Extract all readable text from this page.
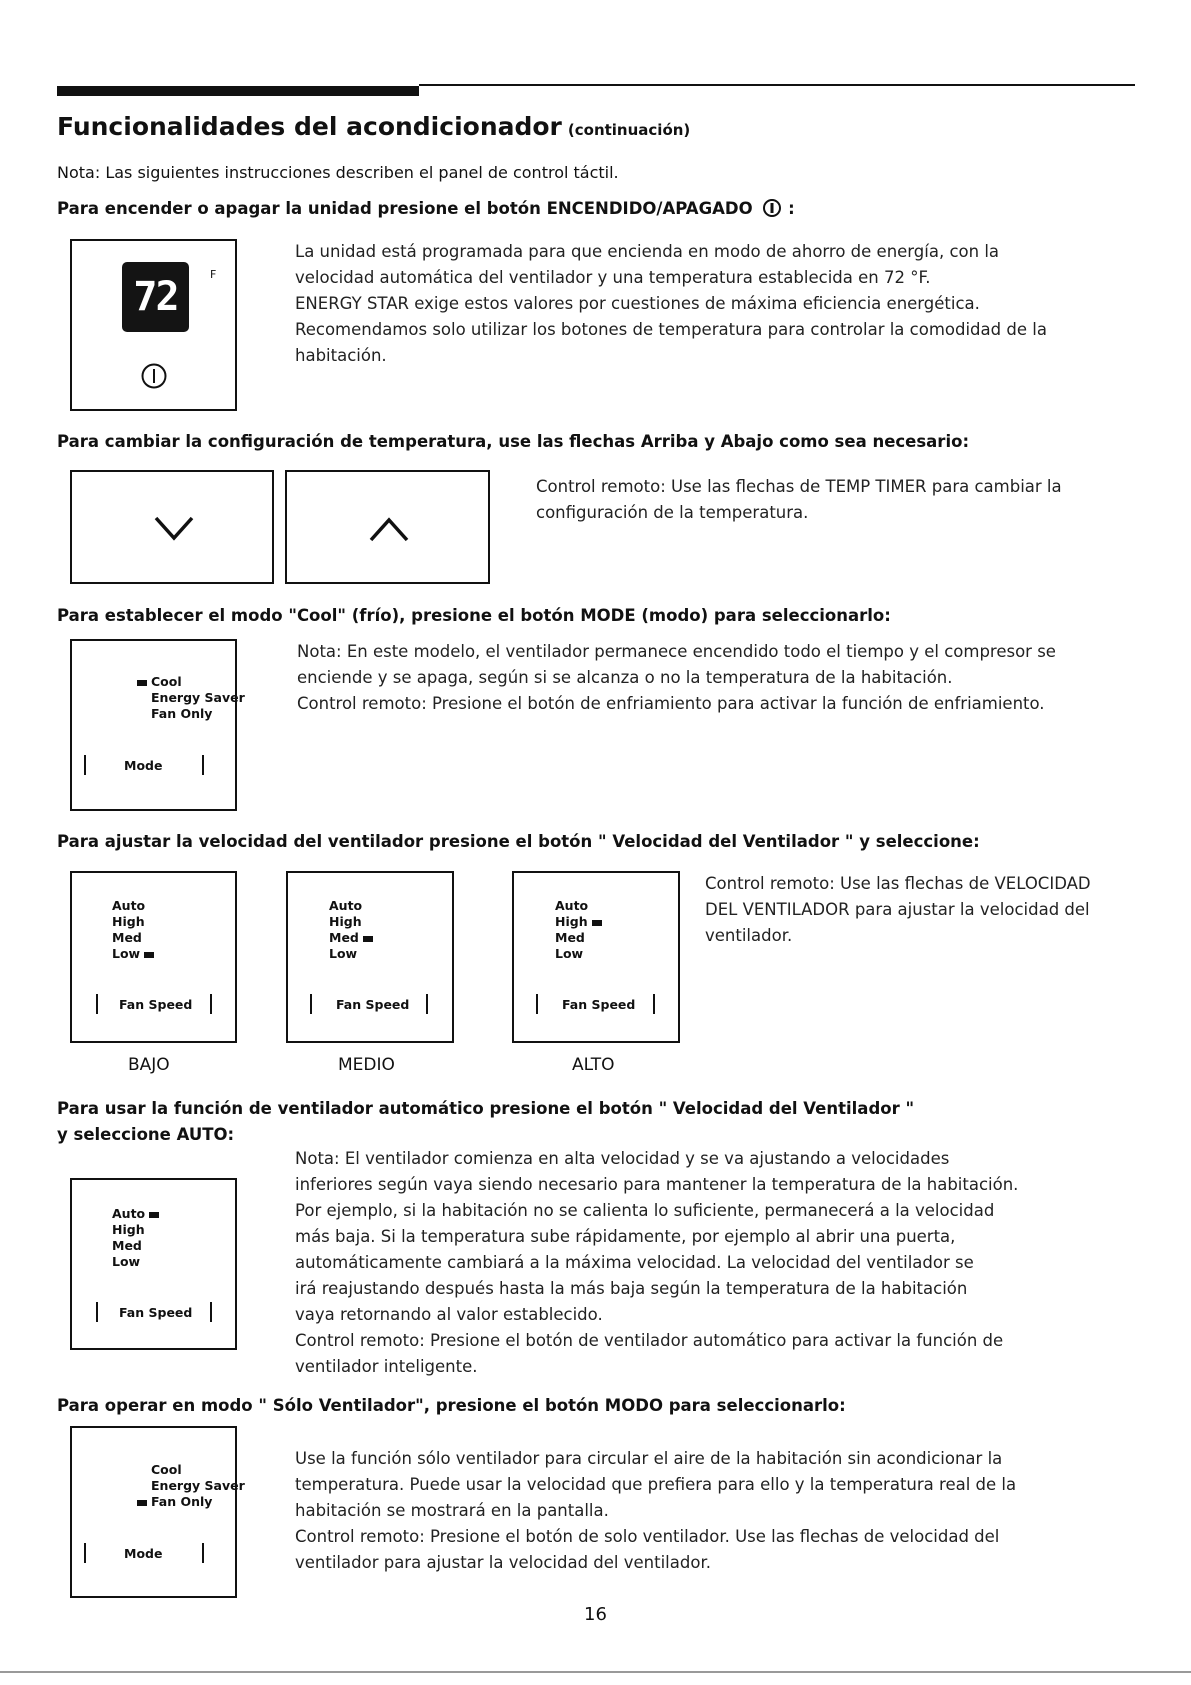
Funcionalidades del acondicionador (continuación)
Nota: Las siguientes instrucciones describen el panel de control táctil.
Para encender o apagar la unidad presione el botón ENCENDIDO/APAGADO :
72	F
La unidad está programada para que encienda en modo de ahorro de energía, con la
velocidad automática del ventilador y una temperatura establecida en 72 °F.
ENERGY STAR exige estos valores por cuestiones de máxima eficiencia energética.
Recomendamos solo utilizar los botones de temperatura para controlar la comodidad de la
habitación.
Para cambiar la configuración de temperatura, use las flechas Arriba y Abajo como sea necesario:
Control remoto: Use las flechas de TEMP TIMER para cambiar la
configuración de la temperatura.
Para establecer el modo "Cool" (frío), presione el botón MODE (modo) para seleccionarlo:
Cool
Energy Saver
Fan Only
Mode
Nota: En este modelo, el ventilador permanece encendido todo el tiempo y el compresor se
enciende y se apaga, según si se alcanza o no la temperatura de la habitación.
Control remoto: Presione el botón de enfriamiento para activar la función de enfriamiento.
Para ajustar la velocidad del ventilador presione el botón " Velocidad del Ventilador " y seleccione:
Auto
High
Med
Low
Fan Speed
BAJO
Auto
High
Med
Low
Fan Speed
MEDIO
Auto
High
Med
Low
Fan Speed
ALTO
Control remoto: Use las flechas de VELOCIDAD
DEL VENTILADOR para ajustar la velocidad del
ventilador.
Para usar la función de ventilador automático presione el botón " Velocidad del Ventilador "
y seleccione AUTO:
Auto
High
Med
Low
Fan Speed
Nota: El ventilador comienza en alta velocidad y se va ajustando a velocidades
inferiores según vaya siendo necesario para mantener la temperatura de la habitación.
Por ejemplo, si la habitación no se calienta lo suficiente, permanecerá a la velocidad
más baja. Si la temperatura sube rápidamente, por ejemplo al abrir una puerta,
automáticamente cambiará a la máxima velocidad. La velocidad del ventilador se
irá reajustando después hasta la más baja según la temperatura de la habitación
vaya retornando al valor establecido.
Control remoto: Presione el botón de ventilador automático para activar la función de
ventilador inteligente.
Para operar en modo " Sólo Ventilador", presione el botón MODO para seleccionarlo:
Cool
Energy Saver
Fan Only
Mode
Use la función sólo ventilador para circular el aire de la habitación sin acondicionar la
temperatura. Puede usar la velocidad que prefiera para ello y la temperatura real de la
habitación se mostrará en la pantalla.
Control remoto: Presione el botón de solo ventilador. Use las flechas de velocidad del
ventilador para ajustar la velocidad del ventilador.
16
